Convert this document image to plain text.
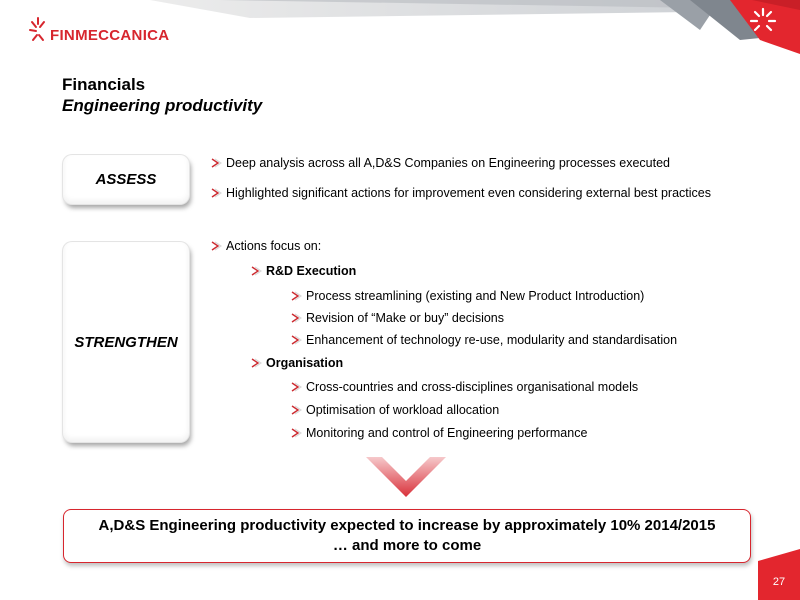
FINMECCANICA
Financials
Engineering productivity
ASSESS
Deep analysis across all A,D&S Companies on Engineering processes executed
Highlighted significant actions for improvement even considering external best practices
STRENGTHEN
Actions focus on:
R&D Execution
Process streamlining (existing and New Product Introduction)
Revision of “Make or buy” decisions
Enhancement of technology re-use, modularity and standardisation
Organisation
Cross-countries and cross-disciplines organisational models
Optimisation of workload allocation
Monitoring and control of Engineering performance
A,D&S Engineering productivity expected to increase by approximately 10% 2014/2015
… and more to come
27
